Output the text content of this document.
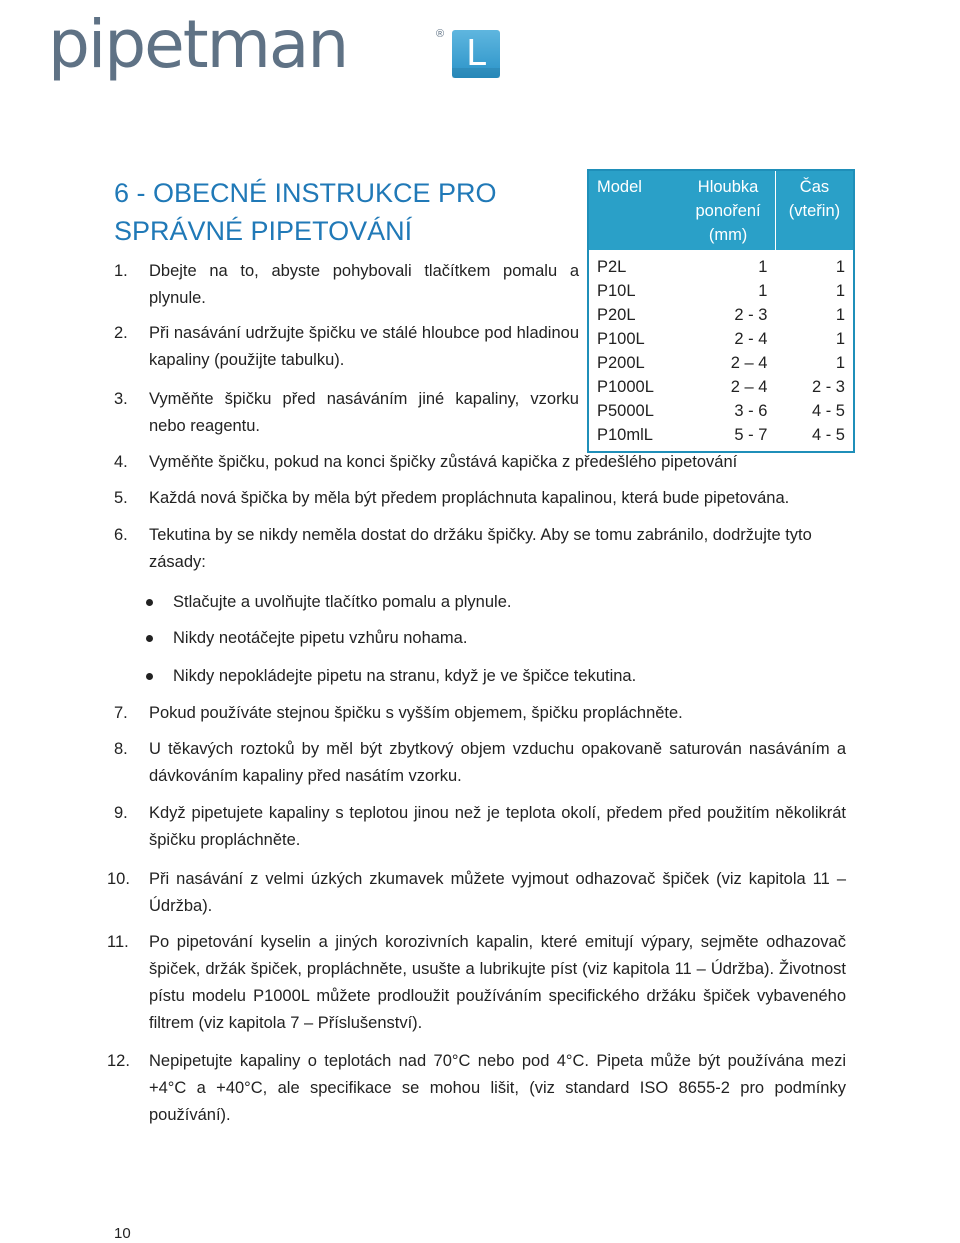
pipetman	® L
6 - OBECNÉ INSTRUKCE PRO SPRÁVNÉ PIPETOVÁNÍ
Model	Hloubka ponoření (mm)	Čas (vteřin)
P2L	1	1
P10L	1	1
P20L	2 - 3	1
P100L	2 - 4	1
P200L	2 – 4	1
P1000L	2 – 4	2 - 3
P5000L	3 - 6	4 - 5
P10mlL	5 - 7	4 - 5
1. Dbejte na to, abyste pohybovali tlačítkem pomalu a plynule.
2. Při nasávání udržujte špičku ve stálé hloubce pod hladinou kapaliny (použijte tabulku).
3. Vyměňte špičku před nasáváním jiné kapaliny, vzorku nebo reagentu.
4. Vyměňte špičku, pokud na konci špičky zůstává kapička z předešlého pipetování
5. Každá nová špička by měla být předem propláchnuta kapalinou, která bude pipetována.
6. Tekutina by se nikdy neměla dostat do držáku špičky. Aby se tomu zabránilo, dodržujte tyto zásady:
Stlačujte a uvolňujte tlačítko pomalu a plynule.
Nikdy neotáčejte pipetu vzhůru nohama.
Nikdy nepokládejte pipetu na stranu, když je ve špičce tekutina.
7. Pokud používáte stejnou špičku s vyšším objemem, špičku propláchněte.
8. U těkavých roztoků by měl být zbytkový objem vzduchu opakovaně saturován nasáváním a dávkováním kapaliny před nasátím vzorku.
9. Když pipetujete kapaliny s teplotou jinou než je teplota okolí, předem před použitím několikrát špičku propláchněte.
10. Při nasávání z velmi úzkých zkumavek můžete vyjmout odhazovač špiček (viz kapitola 11 – Údržba).
11. Po pipetování kyselin a jiných korozivních kapalin, které emitují výpary, sejměte odhazovač špiček, držák špiček, propláchněte, usušte a lubrikujte píst (viz kapitola 11 – Údržba). Životnost pístu modelu P1000L můžete prodloužit používáním specifického držáku špiček vybaveného filtrem (viz kapitola 7 – Příslušenství).
12. Nepipetujte kapaliny o teplotách nad 70°C nebo pod 4°C. Pipeta může být používána mezi +4°C a +40°C, ale specifikace se mohou lišit, (viz standard ISO 8655-2 pro podmínky používání).
10
